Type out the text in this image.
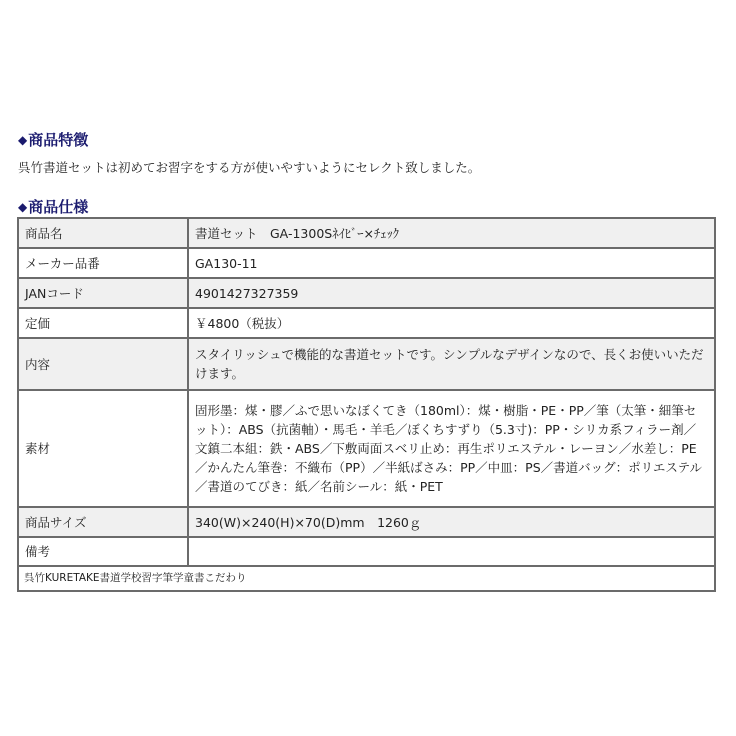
◆商品特徴
呉竹書道セットは初めてお習字をする方が使いやすいようにセレクト致しました。
◆商品仕様
商品名	書道セット　GA-1300Sﾈｲﾋﾞｰ×ﾁｪｯｸ
メーカー品番	GA130-11
JANコード	4901427327359
定価	￥4800（税抜）
内容	スタイリッシュで機能的な書道セットです。シンプルなデザインなので、長くお使いいただけます。
素材	固形墨：煤・膠／ふで思いなぼくてき（180ml）：煤・樹脂・PE・PP／筆（太筆・細筆セット）：ABS（抗菌軸）・馬毛・羊毛／ぼくちすずり（5.3寸)：PP・シリカ系フィラー剤／文鎮二本組：鉄・ABS／下敷両面スベリ止め：再生ポリエステル・レーヨン／水差し：PE／かんたん筆巻：不織布（PP）／半紙ばさみ：PP／中皿：PS／書道バッグ：ポリエステル／書道のてびき：紙／名前シール：紙・PET
商品サイズ	340(W)×240(H)×70(D)mm　1260ｇ
備考	
呉竹KURETAKE書道学校習字筆学童書こだわり	
